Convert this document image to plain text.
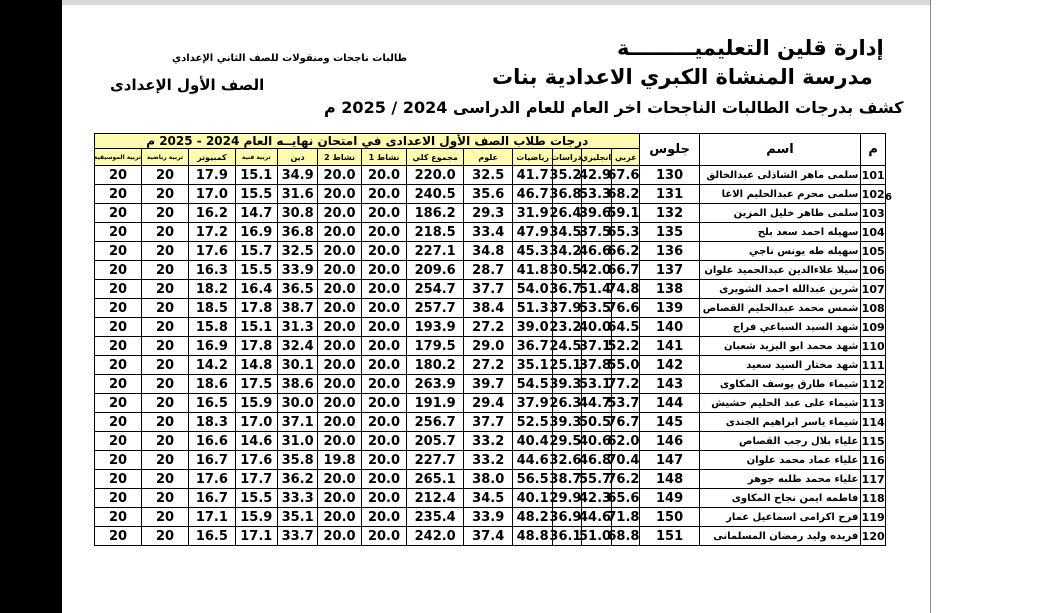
إدارة قلين التعليميـــــــــة
مدرسة المنشاة الكبري الاعدادية بنات
كشف بدرجات الطالبات الناجحات اخر العام للعام الدراسى 2024 / 2025 م
طالبات ناجحات ومنقولات للصف الثاني الإعدادي
الصف الأول الإعدادى
م	اسم	جلوس	درجات طلاب الصف الأول الاعدادى في امتحان نهايــه العام 2024 - 2025 م												
			عربي	انجليزي	دراسات	رياضيات	علوم	مجموع كلي	نشاط 1	نشاط 2	دين	تربية فنية	كمبيوتر	تربية رياضية	تربية الموسيقية
101	سلمى ماهر الشاذلى عبدالخالق	130	67.6	42.9	35.2	41.7	32.5	220.0	20.0	20.0	34.9	15.1	17.9	20	20
102	سلمى محرم عبدالحليم الاغا	131	68.2	53.3	36.8	46.7	35.6	240.5	20.0	20.0	31.6	15.5	17.0	20	20
103	سلمى طاهر خليل المزين	132	59.1	39.6	26.4	31.9	29.3	186.2	20.0	20.0	30.8	14.7	16.2	20	20
104	سهيله احمد سعد بلح	135	65.3	37.5	34.5	47.9	33.4	218.5	20.0	20.0	36.8	16.9	17.2	20	20
105	سهيله طه يونس ناجي	136	66.2	46.6	34.2	45.3	34.8	227.1	20.0	20.0	32.5	15.7	17.6	20	20
106	سيلا علاءالدين عبدالحميد علوان	137	66.7	42.0	30.5	41.8	28.7	209.6	20.0	20.0	33.9	15.5	16.3	20	20
107	شرين عبدالله احمد الشويرى	138	74.8	51.4	36.7	54.0	37.7	254.7	20.0	20.0	36.5	16.4	18.2	20	20
108	شمس محمد عبدالحليم القصاص	139	76.6	53.5	37.9	51.3	38.4	257.7	20.0	20.0	38.7	17.8	18.5	20	20
109	شهد السيد السباعي فراج	140	64.5	40.0	23.2	39.0	27.2	193.9	20.0	20.0	31.3	15.1	15.8	20	20
110	شهد محمد ابو اليزيد شعبان	141	52.2	37.1	24.5	36.7	29.0	179.5	20.0	20.0	32.4	17.8	16.9	20	20
111	شهد مختار السيد سعيد	142	55.0	37.8	25.1	35.1	27.2	180.2	20.0	20.0	30.1	14.8	14.2	20	20
112	شيماء طارق يوسف المكاوى	143	77.2	53.1	39.3	54.5	39.7	263.9	20.0	20.0	38.6	17.5	18.6	20	20
113	شيماء على عبد الحليم حشيش	144	53.7	44.7	26.3	37.9	29.4	191.9	20.0	20.0	30.0	15.9	16.5	20	20
114	شيماء ياسر ابراهيم الجندى	145	76.7	50.5	39.3	52.5	37.7	256.7	20.0	20.0	37.1	17.0	18.3	20	20
115	علياء بلال رجب القصاص	146	62.0	40.6	29.5	40.4	33.2	205.7	20.0	20.0	31.0	14.6	16.6	20	20
116	علياء عماد محمد علوان	147	70.4	46.8	32.6	44.6	33.2	227.7	20.0	19.8	35.8	17.6	16.7	20	20
117	علياء محمد طلبه جوهر	148	76.2	55.7	38.7	56.5	38.0	265.1	20.0	20.0	36.2	17.7	17.6	20	20
118	فاطمه ايمن نجاح المكاوى	149	65.6	42.3	29.9	40.1	34.5	212.4	20.0	20.0	33.3	15.5	16.7	20	20
119	فرح اكرامى اسماعيل عمار	150	71.8	44.6	36.9	48.2	33.9	235.4	20.0	20.0	35.1	15.9	17.1	20	20
120	فريده وليد رمضان المسلمانى	151	68.8	51.0	36.1	48.8	37.4	242.0	20.0	20.0	33.7	17.1	16.5	20	20
6
